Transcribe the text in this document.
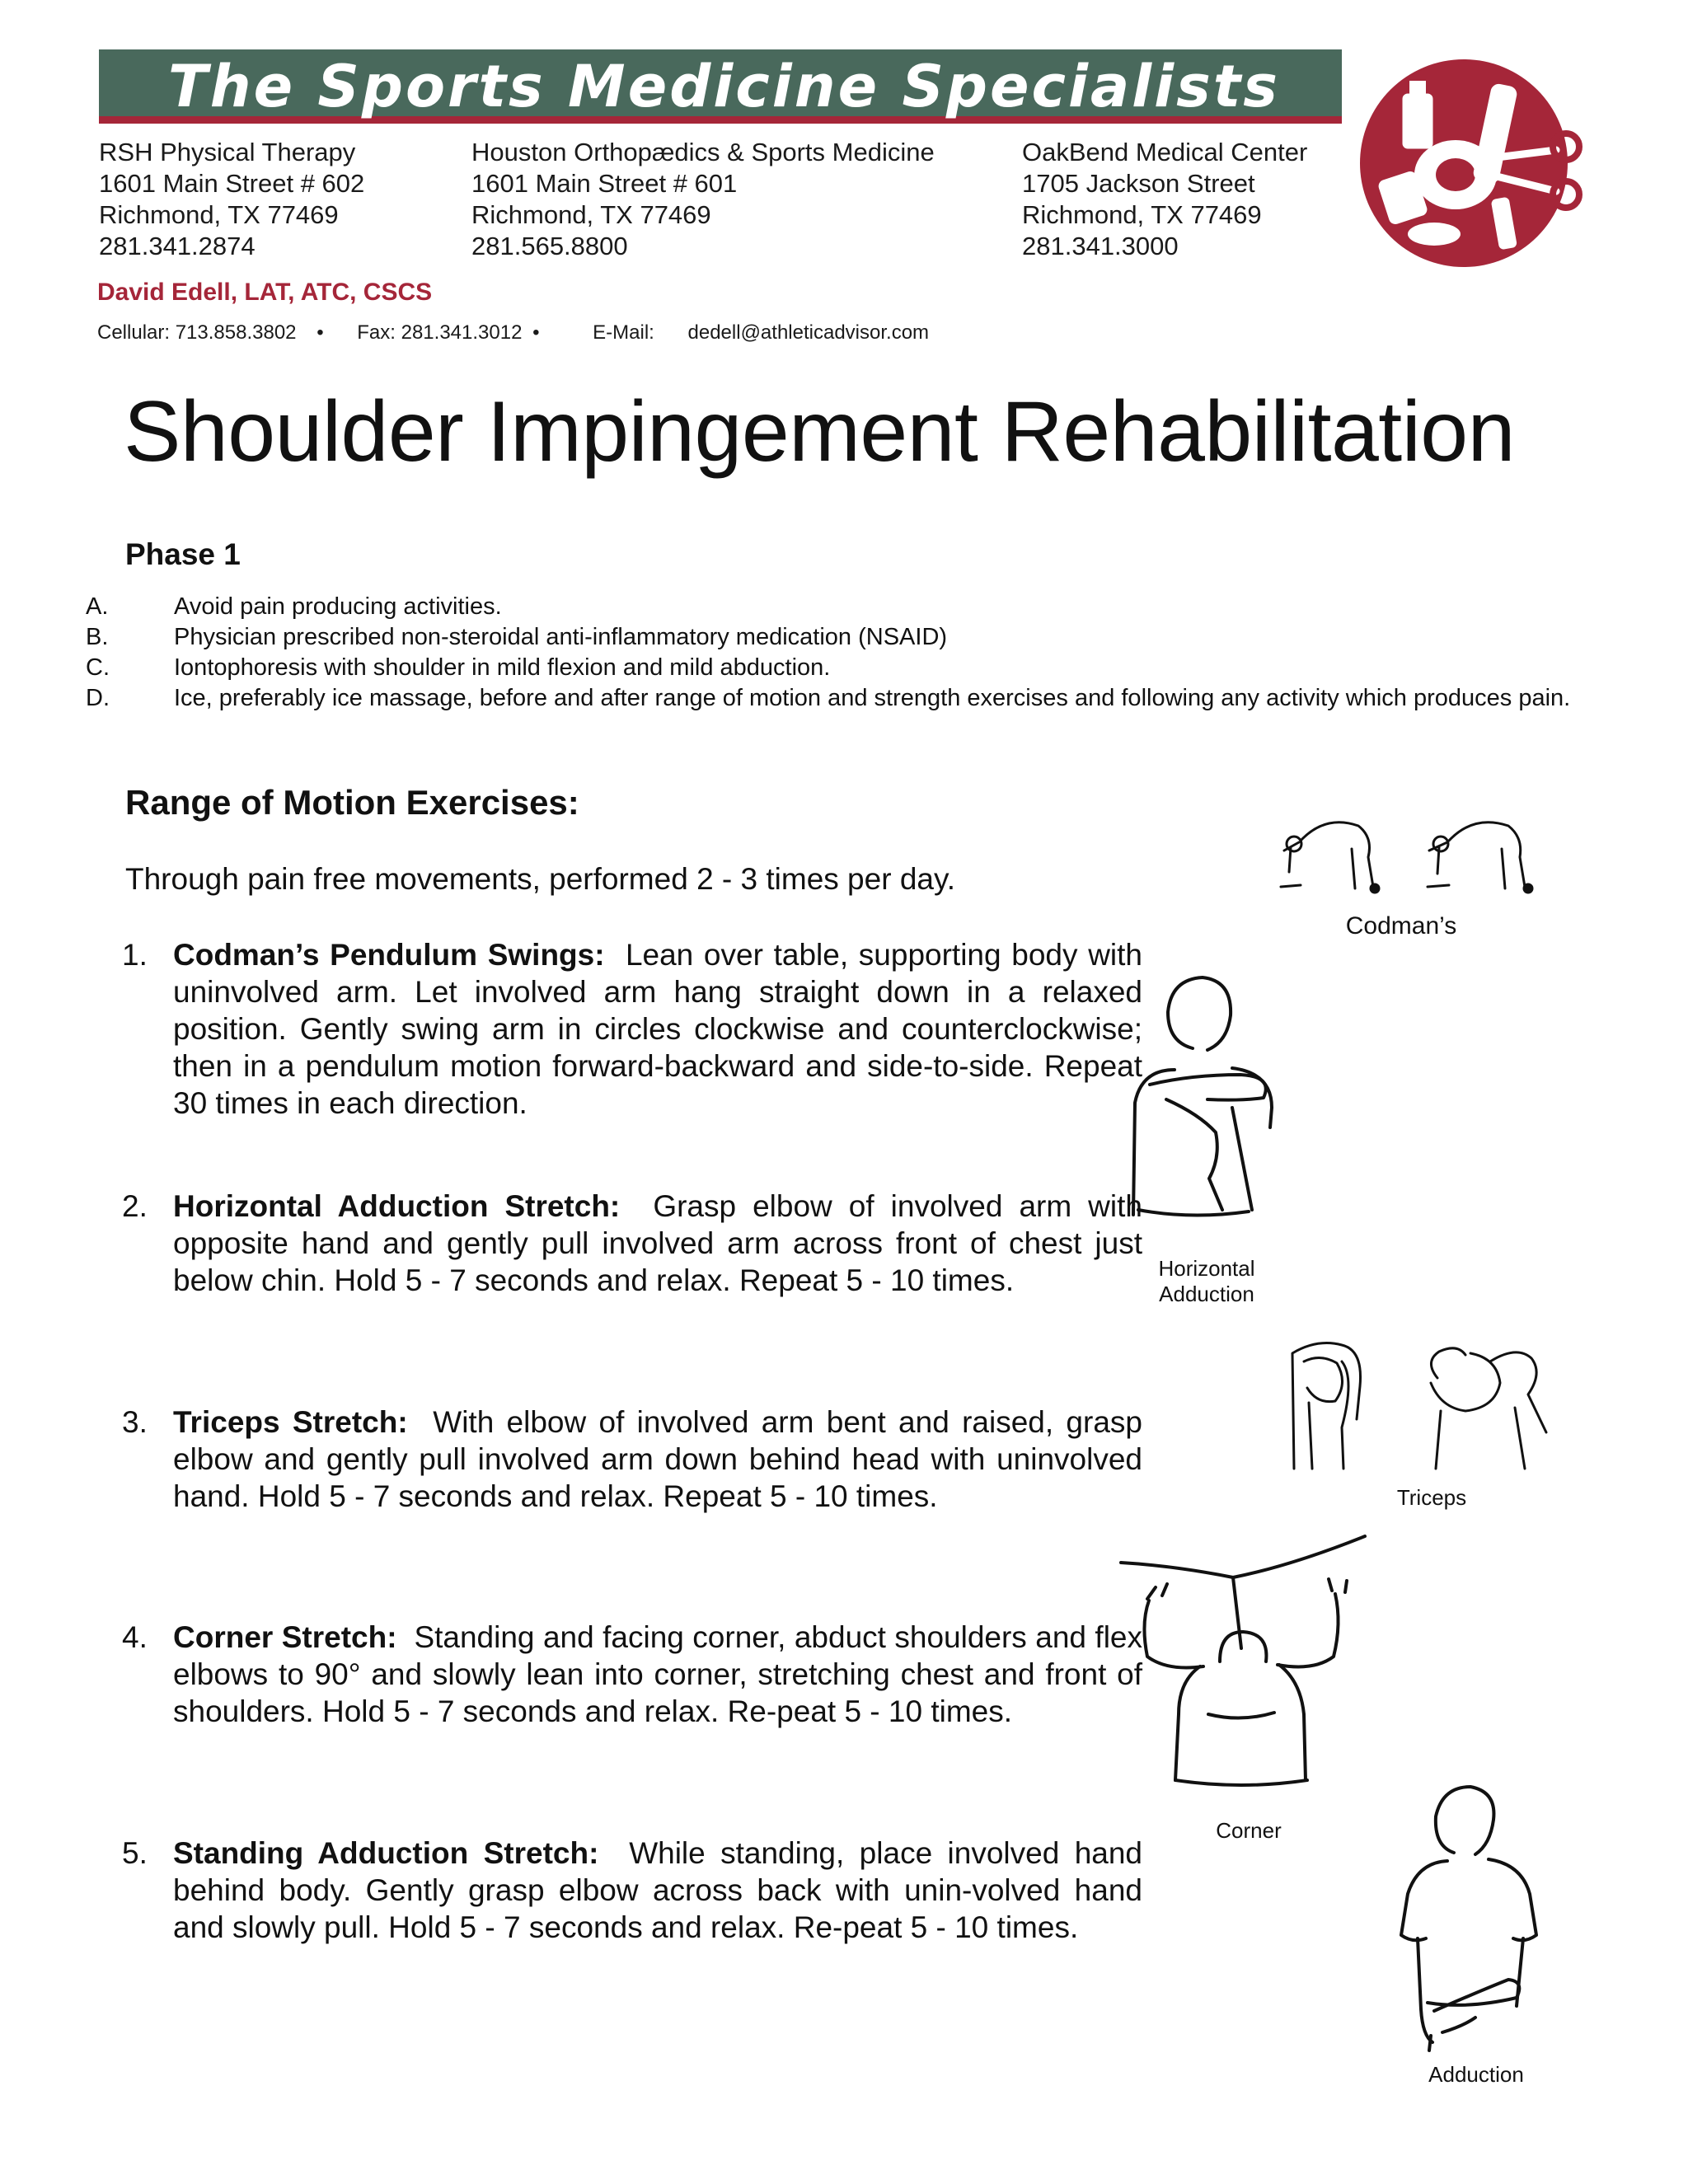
The Sports Medicine Specialists
RSH Physical Therapy
1601 Main Street # 602
Richmond, TX 77469
281.341.2874
Houston Orthopædics & Sports Medicine
1601 Main Street # 601
Richmond, TX 77469
281.565.8800
OakBend Medical Center
1705 Jackson Street
Richmond, TX 77469
281.341.3000
David Edell, LAT, ATC, CSCS
Cellular: 713.858.3802 • Fax: 281.341.3012 •	E-Mail: dedell@athleticadvisor.com
Shoulder Impingement Rehabilitation
Phase 1
A.	Avoid pain producing activities.
B.	Physician prescribed non-steroidal anti-inflammatory medication (NSAID)
C.	Iontophoresis with shoulder in mild flexion and mild abduction.
D.	Ice, preferably ice massage, before and after range of motion and strength exercises and following any activity which produces pain.
Range of Motion Exercises:
Through pain free movements, performed 2 - 3 times per day.
1. Codman’s Pendulum Swings: Lean over table, supporting body with uninvolved arm. Let involved arm hang straight down in a relaxed position. Gently swing arm in circles clockwise and counterclockwise; then in a pendulum motion forward-backward and side-to-side. Repeat 30 times in each direction.
2. Horizontal Adduction Stretch: Grasp elbow of involved arm with opposite hand and gently pull involved arm across front of chest just below chin. Hold 5 - 7 seconds and relax. Repeat 5 - 10 times.
3. Triceps Stretch: With elbow of involved arm bent and raised, grasp elbow and gently pull involved arm down behind head with uninvolved hand. Hold 5 - 7 seconds and relax. Repeat 5 - 10 times.
4. Corner Stretch: Standing and facing corner, abduct shoulders and flex elbows to 90° and slowly lean into corner, stretching chest and front of shoulders. Hold 5 - 7 seconds and relax. Re-peat 5 - 10 times.
5. Standing Adduction Stretch: While standing, place involved hand behind body. Gently grasp elbow across back with unin-volved hand and slowly pull. Hold 5 - 7 seconds and relax. Re-peat 5 - 10 times.
Codman’s
Horizontal
Adduction
Triceps
Corner
Adduction
